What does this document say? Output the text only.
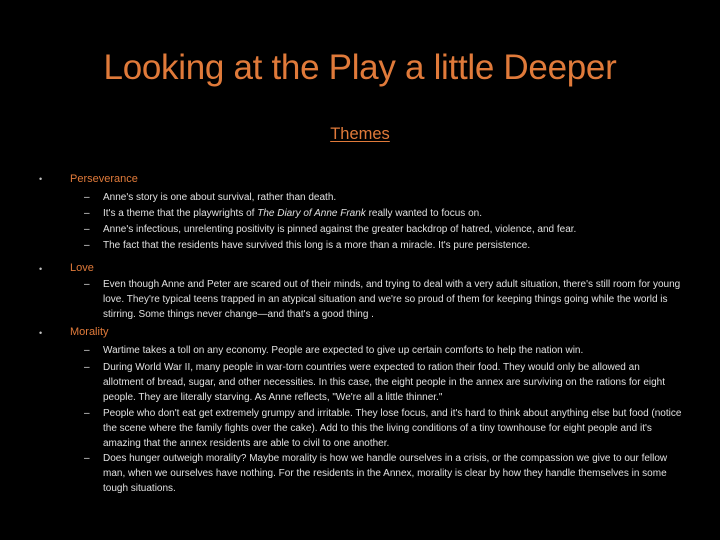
Looking at the Play a little Deeper
Themes
•	Perseverance
– Anne's story is one about survival, rather than death.
– It's a theme that the playwrights of The Diary of Anne Frank really wanted to focus on.
– Anne's infectious, unrelenting positivity is pinned against the greater backdrop of hatred, violence, and fear.
– The fact that the residents have survived this long is a more than a miracle. It's pure persistence.
•	Love
– Even though Anne and Peter are scared out of their minds, and trying to deal with a very adult situation, there's still room for young love. They're typical teens trapped in an atypical situation and we're so proud of them for keeping things going while the world is stirring. Some things never change—and that's a good thing .
•	Morality
– Wartime takes a toll on any economy. People are expected to give up certain comforts to help the nation win.
– During World War II, many people in war-torn countries were expected to ration their food. They would only be allowed an allotment of bread, sugar, and other necessities. In this case, the eight people in the annex are surviving on the rations for eight people. They are literally starving. As Anne reflects, "We're all a little thinner."
– People who don't eat get extremely grumpy and irritable. They lose focus, and it's hard to think about anything else but food (notice the scene where the family fights over the cake). Add to this the living conditions of a tiny townhouse for eight people and it's amazing that the annex residents are able to civil to one another.
– Does hunger outweigh morality? Maybe morality is how we handle ourselves in a crisis, or the compassion we give to our fellow man, when we ourselves have nothing. For the residents in the Annex, morality is clear by how they handle themselves in some tough situations.
